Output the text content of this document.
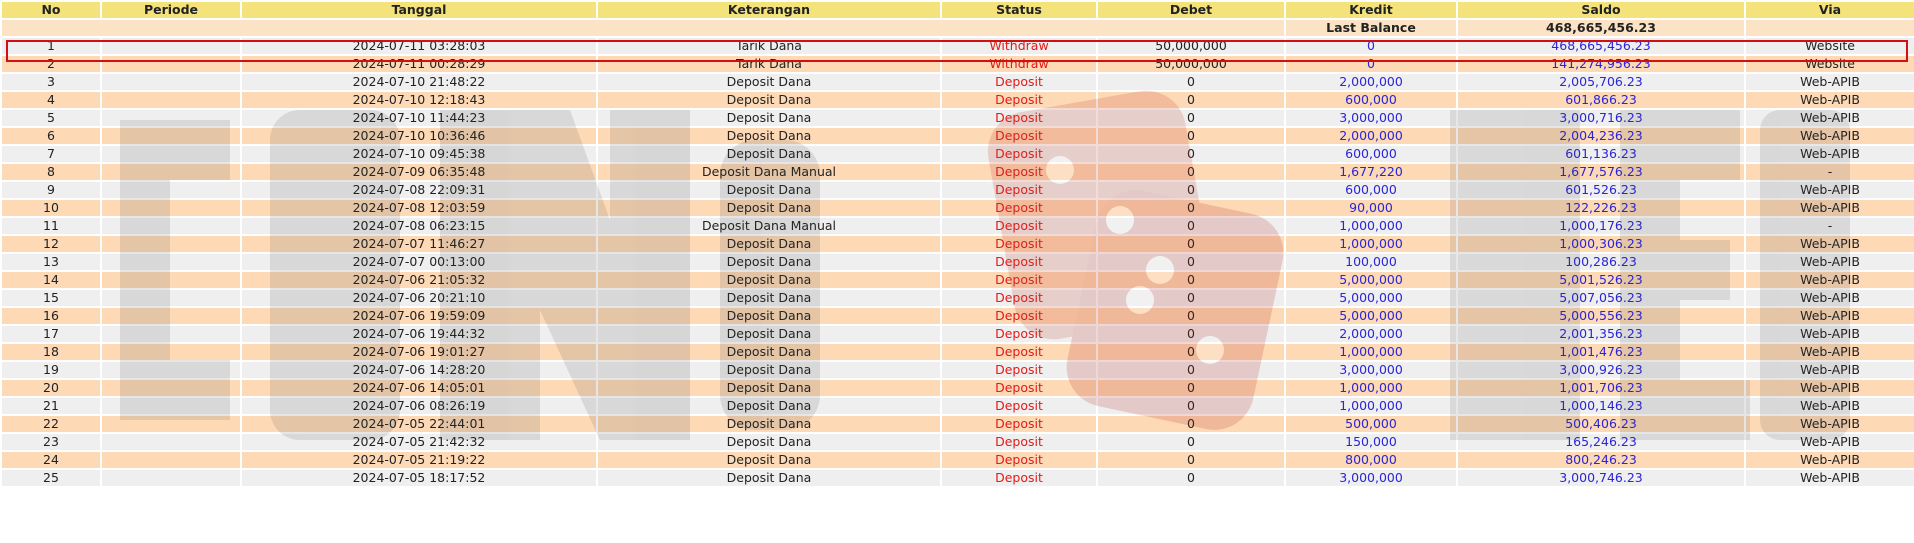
No	Periode	Tanggal	Keterangan	Status	Debet	Kredit	Saldo	Via
						Last Balance	468,665,456.23	
1		2024-07-11 03:28:03	Tarik Dana	Withdraw	50,000,000	0	468,665,456.23	Website
2		2024-07-11 00:28:29	Tarik Dana	Withdraw	50,000,000	0	141,274,956.23	Website
3		2024-07-10 21:48:22	Deposit Dana	Deposit	0	2,000,000	2,005,706.23	Web-APIB
4		2024-07-10 12:18:43	Deposit Dana	Deposit	0	600,000	601,866.23	Web-APIB
5		2024-07-10 11:44:23	Deposit Dana	Deposit	0	3,000,000	3,000,716.23	Web-APIB
6		2024-07-10 10:36:46	Deposit Dana	Deposit	0	2,000,000	2,004,236.23	Web-APIB
7		2024-07-10 09:45:38	Deposit Dana	Deposit	0	600,000	601,136.23	Web-APIB
8		2024-07-09 06:35:48	Deposit Dana Manual	Deposit	0	1,677,220	1,677,576.23	-
9		2024-07-08 22:09:31	Deposit Dana	Deposit	0	600,000	601,526.23	Web-APIB
10		2024-07-08 12:03:59	Deposit Dana	Deposit	0	90,000	122,226.23	Web-APIB
11		2024-07-08 06:23:15	Deposit Dana Manual	Deposit	0	1,000,000	1,000,176.23	-
12		2024-07-07 11:46:27	Deposit Dana	Deposit	0	1,000,000	1,000,306.23	Web-APIB
13		2024-07-07 00:13:00	Deposit Dana	Deposit	0	100,000	100,286.23	Web-APIB
14		2024-07-06 21:05:32	Deposit Dana	Deposit	0	5,000,000	5,001,526.23	Web-APIB
15		2024-07-06 20:21:10	Deposit Dana	Deposit	0	5,000,000	5,007,056.23	Web-APIB
16		2024-07-06 19:59:09	Deposit Dana	Deposit	0	5,000,000	5,000,556.23	Web-APIB
17		2024-07-06 19:44:32	Deposit Dana	Deposit	0	2,000,000	2,001,356.23	Web-APIB
18		2024-07-06 19:01:27	Deposit Dana	Deposit	0	1,000,000	1,001,476.23	Web-APIB
19		2024-07-06 14:28:20	Deposit Dana	Deposit	0	3,000,000	3,000,926.23	Web-APIB
20		2024-07-06 14:05:01	Deposit Dana	Deposit	0	1,000,000	1,001,706.23	Web-APIB
21		2024-07-06 08:26:19	Deposit Dana	Deposit	0	1,000,000	1,000,146.23	Web-APIB
22		2024-07-05 22:44:01	Deposit Dana	Deposit	0	500,000	500,406.23	Web-APIB
23		2024-07-05 21:42:32	Deposit Dana	Deposit	0	150,000	165,246.23	Web-APIB
24		2024-07-05 21:19:22	Deposit Dana	Deposit	0	800,000	800,246.23	Web-APIB
25		2024-07-05 18:17:52	Deposit Dana	Deposit	0	3,000,000	3,000,746.23	Web-APIB
